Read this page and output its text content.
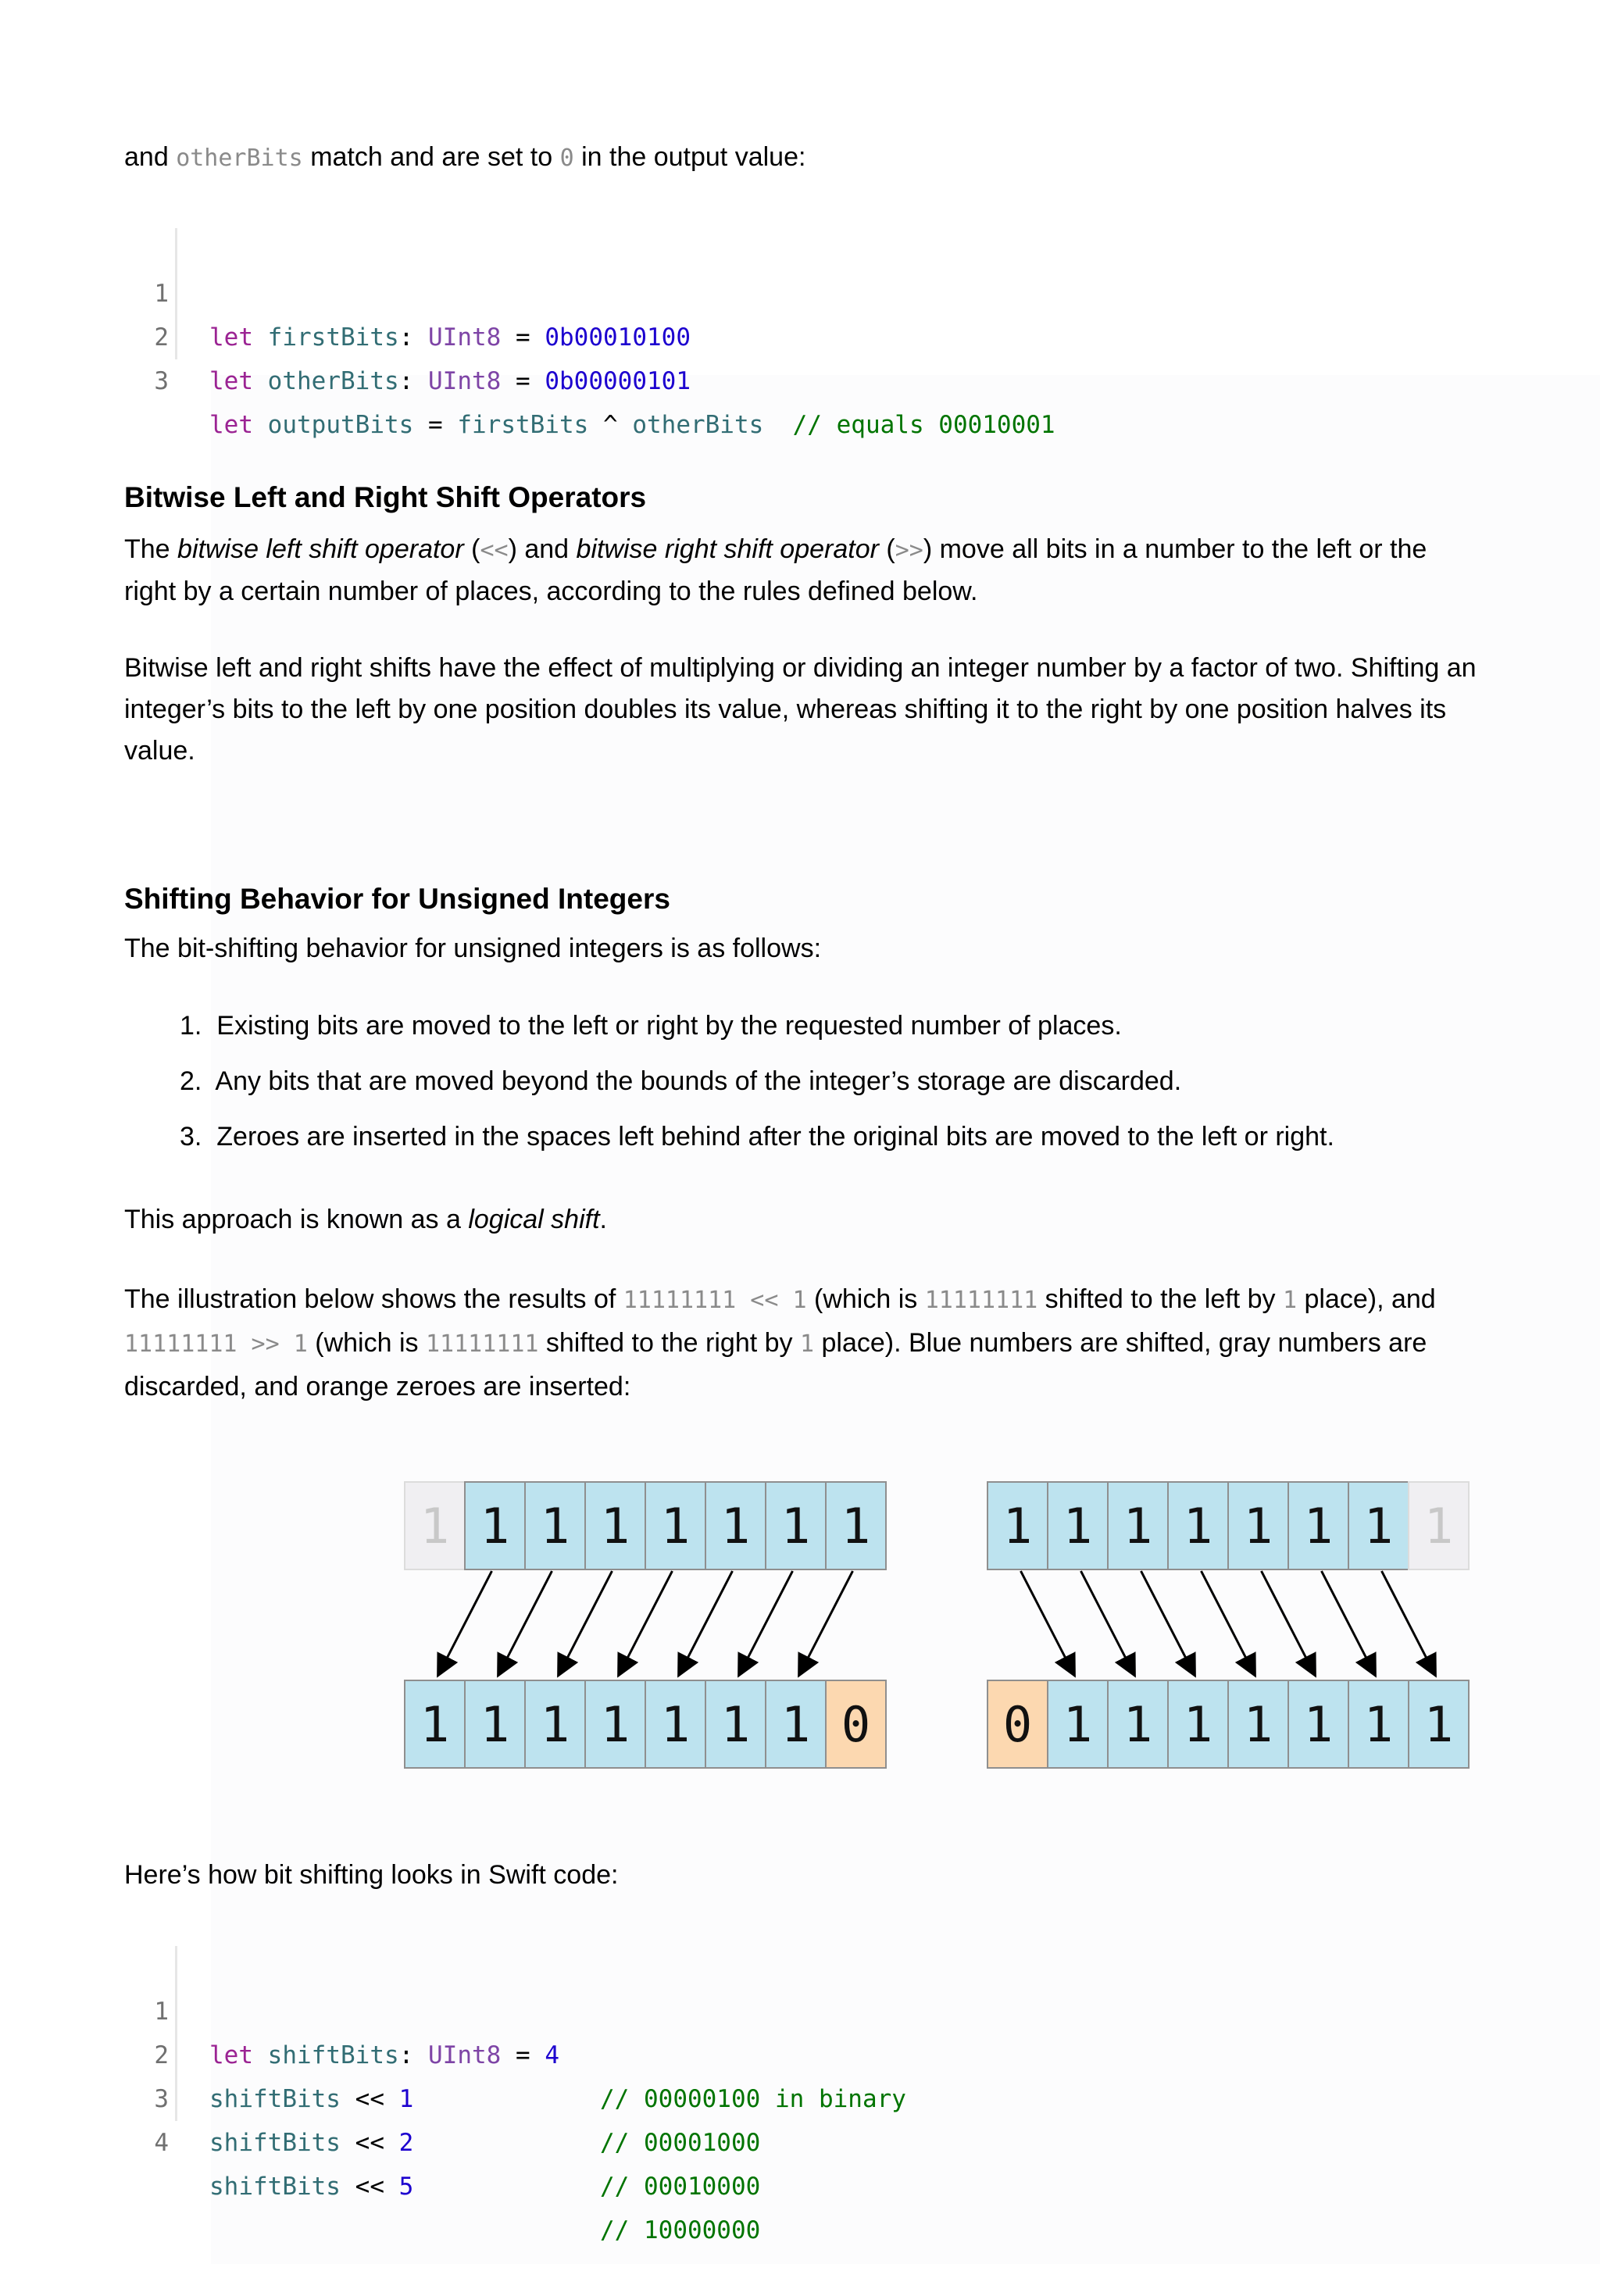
and otherBits match and are set to 0 in the output value:

1

let firstBits: UInt8 = 0b00010100

2

let otherBits: UInt8 = 0b00000101

3

let outputBits = firstBits ^ otherBits // equals 00010001

Bitwise Left and Right Shift Operators

The bitwise left shift operator (<<) and bitwise right shift operator (>>) move all bits in a number to the left or the right by a certain number of places, according to the rules defined below.

Bitwise left and right shifts have the effect of multiplying or dividing an integer number by a factor of two. Shifting an integer’s bits to the left by one position doubles its value, whereas shifting it to the right by one position halves its value.

Shifting Behavior for Unsigned Integers

The bit-shifting behavior for unsigned integers is as follows:

1. Existing bits are moved to the left or right by the requested number of places.
2. Any bits that are moved beyond the bounds of the integer’s storage are discarded.
3. Zeroes are inserted in the spaces left behind after the original bits are moved to the left or right.

This approach is known as a logical shift.

The illustration below shows the results of 11111111 << 1 (which is 11111111 shifted to the left by 1 place), and 11111111 >> 1 (which is 11111111 shifted to the right by 1 place). Blue numbers are shifted, gray numbers are discarded, and orange zeroes are inserted:

1 1 1 1 1 1 1 1
1 1 1 1 1 1 1 0
1 1 1 1 1 1 1 1
0 1 1 1 1 1 1 1

Here’s how bit shifting looks in Swift code:

1

let shiftBits: UInt8 = 4

// 00000100 in binary

2

shiftBits << 1

// 00001000

3

shiftBits << 2

// 00010000

4

shiftBits << 5

// 10000000
